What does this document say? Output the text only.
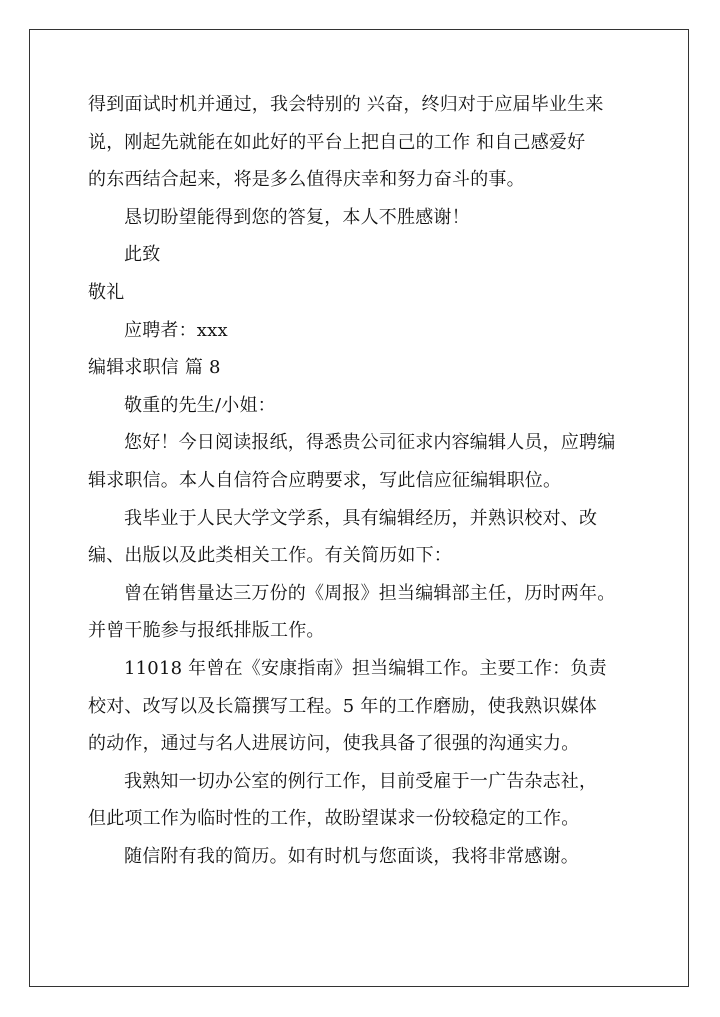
得到面试时机并通过，我会特别的 兴奋，终归对于应届毕业生来
说，刚起先就能在如此好的平台上把自己的工作 和自己感爱好
的东西结合起来，将是多么值得庆幸和努力奋斗的事。
恳切盼望能得到您的答复，本人不胜感谢！
此致
敬礼
应聘者：xxx
编辑求职信 篇 8
敬重的先生/小姐：
您好！今日阅读报纸，得悉贵公司征求内容编辑人员，应聘编
辑求职信。本人自信符合应聘要求，写此信应征编辑职位。
我毕业于人民大学文学系，具有编辑经历，并熟识校对、改
编、出版以及此类相关工作。有关简历如下：
曾在销售量达三万份的《周报》担当编辑部主任，历时两年。
并曾干脆参与报纸排版工作。
11018 年曾在《安康指南》担当编辑工作。主要工作：负责
校对、改写以及长篇撰写工程。5 年的工作磨励，使我熟识媒体
的动作，通过与名人进展访问，使我具备了很强的沟通实力。
我熟知一切办公室的例行工作，目前受雇于一广告杂志社，
但此项工作为临时性的工作，故盼望谋求一份较稳定的工作。
随信附有我的简历。如有时机与您面谈，我将非常感谢。
